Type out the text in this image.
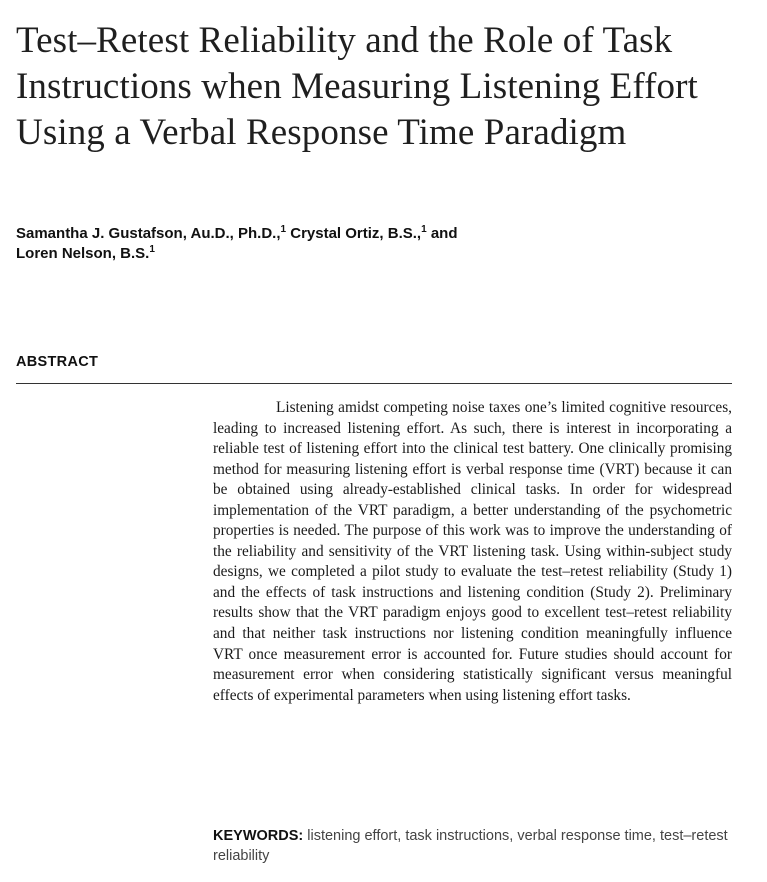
Test–Retest Reliability and the Role of Task Instructions when Measuring Listening Effort Using a Verbal Response Time Paradigm

Samantha J. Gustafson, Au.D., Ph.D.,$^1$ Crystal Ortiz, B.S.,$^1$ and
Loren Nelson, B.S.$^1$

ABSTRACT

Listening amidst competing noise taxes one’s limited cognitive resources, leading to increased listening effort. As such, there is interest in incorporating a reliable test of listening effort into the clinical test battery. One clinically promising method for measuring listening effort is verbal response time (VRT) because it can be obtained using already-established clinical tasks. In order for widespread implementation of the VRT paradigm, a better understanding of the psychometric properties is needed. The purpose of this work was to improve the understanding of the reliability and sensitivity of the VRT listening task. Using within-subject study designs, we completed a pilot study to evaluate the test–retest reliability (Study 1) and the effects of task instructions and listening condition (Study 2). Preliminary results show that the VRT paradigm enjoys good to excellent test–retest reliability and that neither task instructions nor listening condition meaningfully influence VRT once measurement error is accounted for. Future studies should account for measurement error when considering statistically significant versus meaningful effects of experimental parameters when using listening effort tasks.

KEYWORDS: listening effort, task instructions, verbal response time, test–retest reliability
